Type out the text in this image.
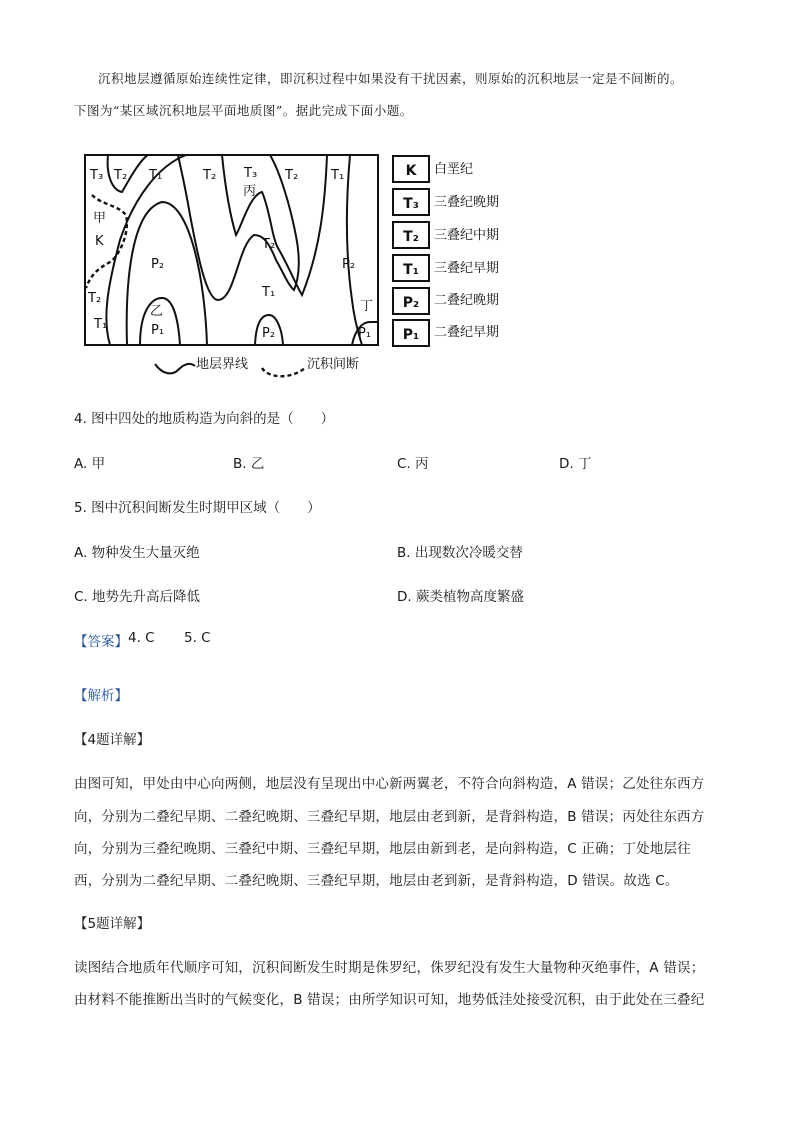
沉积地层遵循原始连续性定律，即沉积过程中如果没有干扰因素，则原始的沉积地层一定是不间断的。
下图为“某区域沉积地层平面地质图”。据此完成下面小题。
T₃ T₂ T₁	T₂ T₃ T₂	T₁
丙
甲
K
P₂
T₂
P₂
T₂
乙
T₁
丁
T₁	P₁	P₂	P₁
K
T₃
T₂
T₁
P₂
P₁
白垩纪
三叠纪晚期
三叠纪中期
三叠纪早期
二叠纪晚期
二叠纪早期
地层界线	沉积间断
4. 图中四处的地质构造为向斜的是（　　）
A. 甲	B. 乙	C. 丙	D. 丁
5. 图中沉积间断发生时期甲区域（　　）
A. 物种发生大量灭绝	B. 出现数次冷暖交替
C. 地势先升高后降低	D. 蕨类植物高度繁盛
【答案】 4. C 5. C
【解析】
【4题详解】
由图可知，甲处由中心向两侧，地层没有呈现出中心新两翼老，不符合向斜构造，A 错误；乙处往东西方
向，分别为二叠纪早期、二叠纪晚期、三叠纪早期，地层由老到新，是背斜构造，B 错误；丙处往东西方
向，分别为三叠纪晚期、三叠纪中期、三叠纪早期，地层由新到老，是向斜构造，C 正确；丁处地层往
西，分别为二叠纪早期、二叠纪晚期、三叠纪早期，地层由老到新，是背斜构造，D 错误。故选 C。
【5题详解】
读图结合地质年代顺序可知，沉积间断发生时期是侏罗纪，侏罗纪没有发生大量物种灭绝事件，A 错误；
由材料不能推断出当时的气候变化，B 错误；由所学知识可知，地势低洼处接受沉积，由于此处在三叠纪
